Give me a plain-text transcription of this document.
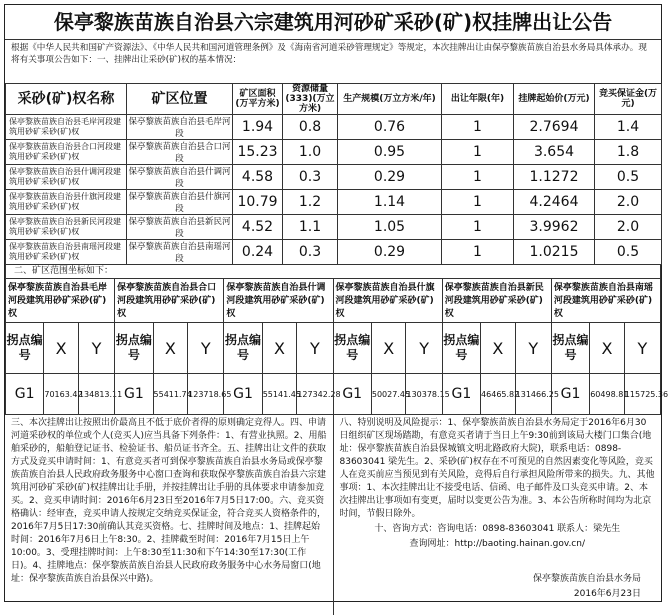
保亭黎族苗族自治县六宗建筑用河砂矿采砂(矿)权挂牌出让公告
根据《中华人民共和国矿产资源法》、《中华人民共和国河道管理条例》及《海南省河道采砂管理规定》等规定，本次挂牌出让由保亭黎族苗族自治县水务局具体承办。现将有关事项公告如下：一、挂牌出让采砂(矿)权的基本情况：
采砂(矿)权名称	矿区位置	矿区面积(万平方米)	资源储量(333)(万立方米)	生产规模(万立方米/年)	出让年限(年)	挂牌起始价(万元)	竞买保证金(万元)
保亭黎族苗族自治县毛岸河段建筑用砂矿采砂(矿)权	保亭黎族苗族自治县毛岸河段	1.94	0.8	0.76	1	2.7694	1.4
保亭黎族苗族自治县合口河段建筑用砂矿采砂(矿)权	保亭黎族苗族自治县合口河段	15.23	1.0	0.95	1	3.654	1.8
保亭黎族苗族自治县什调河段建筑用砂矿采砂(矿)权	保亭黎族苗族自治县什调河段	4.58	0.3	0.29	1	1.1272	0.5
保亭黎族苗族自治县什旗河段建筑用砂矿采砂(矿)权	保亭黎族苗族自治县什旗河段	10.79	1.2	1.14	1	4.2464	2.0
保亭黎族苗族自治县新民河段建筑用砂矿采砂(矿)权	保亭黎族苗族自治县新民河段	4.52	1.1	1.05	1	3.9962	2.0
保亭黎族苗族自治县南瑶河段建筑用砂矿采砂(矿)权	保亭黎族苗族自治县南瑶河段	0.24	0.3	0.29	1	1.0215	0.5
二、矿区范围坐标如下：
保亭黎族苗族自治县毛岸河段建筑用砂矿采砂(矿)权
拐点编号	X	Y
G1	70163.42	134813.11
保亭黎族苗族自治县合口河段建筑用砂矿采砂(矿)权
拐点编号	X	Y
G1	55411.74	123718.65
保亭黎族苗族自治县什调河段建筑用砂矿采砂(矿)权
拐点编号	X	Y
G1	55141.45	127342.28
保亭黎族苗族自治县什旗河段建筑用砂矿采砂(矿)权
拐点编号	X	Y
G1	50027.45	130378.15
保亭黎族苗族自治县新民河段建筑用砂矿采砂(矿)权
拐点编号	X	Y
G1	46465.82	131466.25
保亭黎族苗族自治县南瑶河段建筑用砂矿采砂(矿)权
拐点编号	X	Y
G1	60498.81	115725.36
三、本次挂牌出让按照出价最高且不低于底价者得的原则确定竞得人。四、申请河道采砂权的单位或个人(竞买人)应当具备下列条件：1、有营业执照。2、用船舶采砂的，船舶登记证书、检验证书、船员证书齐全。五、挂牌出让文件的获取方式及竞买申请时间：1、有意竞买者可到保亭黎族苗族自治县水务局或保亭黎族苗族自治县人民政府政务服务中心窗口查询和获取保亭黎族苗族自治县六宗建筑用河砂矿采砂(矿)权挂牌出让手册，并按挂牌出让手册的具体要求申请参加竞买。2、竞买申请时间：2016年6月23日至2016年7月5日17:00。六、竞买资格确认：经审查，竞买申请人按规定交纳竞买保证金，符合竞买人资格条件的，2016年7月5日17:30前确认其竞买资格。七、挂牌时间及地点：1、挂牌起始时间：2016年7月6日上午8:30。2、挂牌截至时间：2016年7月15日上午10:00。3、受理挂牌时间：上午8:30至11:30和下午14:30至17:30(工作日)。4、挂牌地点：保亭黎族苗族自治县人民政府政务服务中心水务局窗口(地址：保亭黎族苗族自治县保兴中路)。
八、特别说明及风险提示：1、保亭黎族苗族自治县水务局定于2016年6月30日组织矿区现场踏勘，有意竞买者请于当日上午9:30前到该局大楼门口集合(地址：保亭黎族苗族自治县保城镇文明北路政府大院)，联系电话：0898-83603041 梁先生。2、采砂(矿)权存在不可预见的自然因素变化等风险，竞买人在竞买前应当预见到有关风险，竞得后自行承担风险所带来的损失。九、其他事项：1、本次挂牌出让不接受电话、信函、电子邮件及口头竞买申请。2、本次挂牌出让事项如有变更，届时以变更公告为准。3、本公告所称时间均为北京时间，节假日除外。
十、咨询方式：咨询电话：0898-83603041 联系人：梁先生
查询网址：http://baoting.hainan.gov.cn/
保亭黎族苗族自治县水务局
2016年6月23日
